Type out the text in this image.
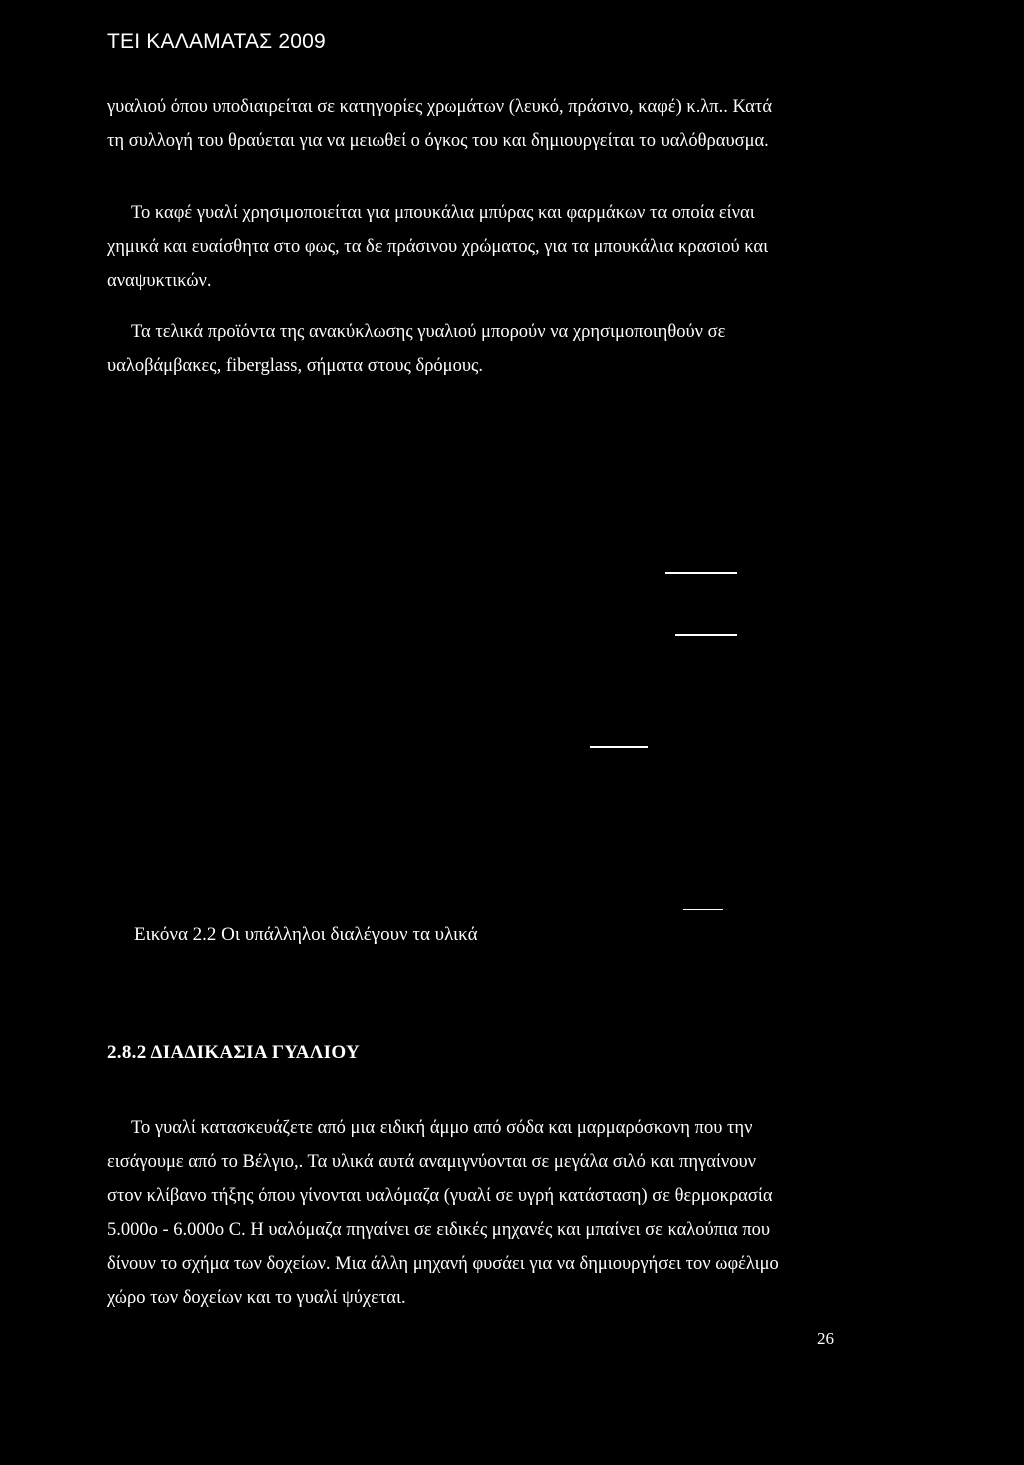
ΤΕΙ ΚΑΛΑΜΑΤΑΣ 2009
γυαλιού όπου υποδιαιρείται σε κατηγορίες χρωμάτων (λευκό, πράσινο, καφέ) κ.λπ.. Κατά
τη συλλογή του θραύεται για να μειωθεί ο όγκος του και δημιουργείται το υαλόθραυσμα.
Το καφέ γυαλί χρησιμοποιείται για μπουκάλια μπύρας και φαρμάκων τα οποία είναι
χημικά και ευαίσθητα στο φως, τα δε πράσινου χρώματος, για τα μπουκάλια κρασιού και
αναψυκτικών.
Τα τελικά προϊόντα της ανακύκλωσης γυαλιού μπορούν να χρησιμοποιηθούν σε
υαλοβάμβακες, fiberglass, σήματα στους δρόμους.
Εικόνα 2.2 Οι υπάλληλοι διαλέγουν τα υλικά
2.8.2 ΔΙΑΔΙΚΑΣΙΑ ΓΥΑΛΙΟΥ
Το γυαλί κατασκευάζετε από μια ειδική άμμο από σόδα και μαρμαρόσκονη που την
εισάγουμε από το Βέλγιο,. Τα υλικά αυτά αναμιγνύονται σε μεγάλα σιλό και πηγαίνουν
στον κλίβανο τήξης όπου γίνονται υαλόμαζα (γυαλί σε υγρή κατάσταση) σε θερμοκρασία
5.000ο - 6.000ο C. Η υαλόμαζα πηγαίνει σε ειδικές μηχανές και μπαίνει σε καλούπια που
δίνουν το σχήμα των δοχείων. Μια άλλη μηχανή φυσάει για να δημιουργήσει τον ωφέλιμο
χώρο των δοχείων και το γυαλί ψύχεται.
26
